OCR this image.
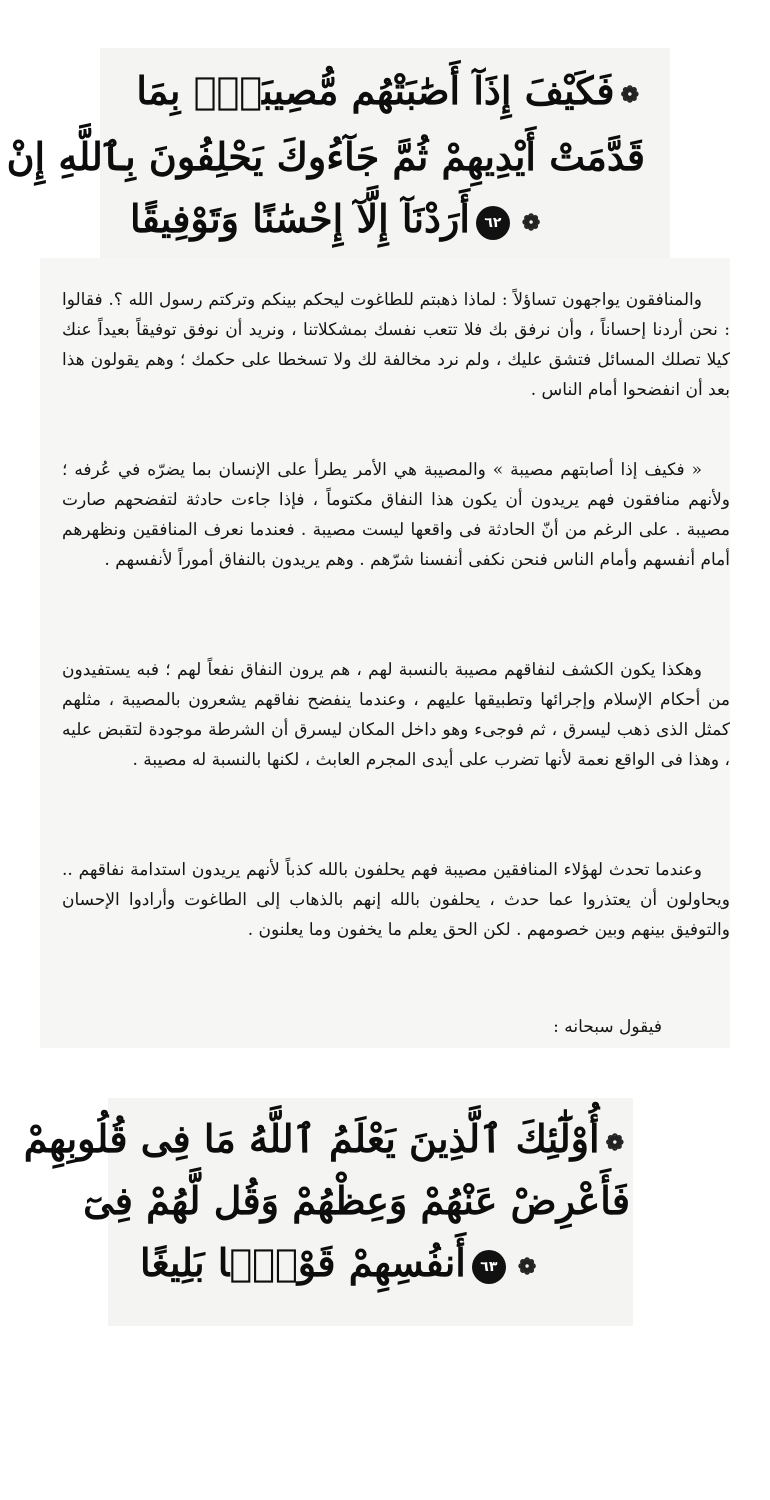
❁فَكَيْفَ إِذَآ أَصَٰبَتْهُم مُّصِيبَةُۢ بِمَا
قَدَّمَتْ أَيْدِيهِمْ ثُمَّ جَآءُوكَ يَحْلِفُونَ بِٱللَّهِ إِنْ
❁٦٢أَرَدْنَآ إِلَّآ إِحْسَٰنًا وَتَوْفِيقًا

والمنافقون يواجهون تساؤلاً : لماذا ذهبتم للطاغوت ليحكم بينكم وتركتم رسول الله ؟. فقالوا : نحن أردنا إحساناً ، وأن نرفق بك فلا تتعب نفسك بمشكلاتنا ، ونريد أن نوفق توفيقاً بعيداً عنك كيلا تصلك المسائل فتشق عليك ، ولم نرد مخالفة لك ولا تسخطا على حكمك ؛ وهم يقولون هذا بعد أن انفضحوا أمام الناس .

« فكيف إذا أصابتهم مصيبة » والمصيبة هي الأمر يطرأ على الإنسان بما يضرّه في عُرفه ؛ ولأنهم منافقون فهم يريدون أن يكون هذا النفاق مكتوماً ، فإذا جاءت حادثة لتفضحهم صارت مصيبة . على الرغم من أنّ الحادثة فى واقعها ليست مصيبة . فعندما نعرف المنافقين ونظهرهم أمام أنفسهم وأمام الناس فنحن نكفى أنفسنا شرّهم . وهم يريدون بالنفاق أموراً لأنفسهم .

وهكذا يكون الكشف لنفاقهم مصيبة بالنسبة لهم ، هم يرون النفاق نفعاً لهم ؛ فبه يستفيدون من أحكام الإسلام وإجرائها وتطبيقها عليهم ، وعندما ينفضح نفاقهم يشعرون بالمصيبة ، مثلهم كمثل الذى ذهب ليسرق ، ثم فوجىء وهو داخل المكان ليسرق أن الشرطة موجودة لتقبض عليه ، وهذا فى الواقع نعمة لأنها تضرب على أيدى المجرم العابث ، لكنها بالنسبة له مصيبة .

وعندما تحدث لهؤلاء المنافقين مصيبة فهم يحلفون بالله كذباً لأنهم يريدون استدامة نفاقهم .. ويحاولون أن يعتذروا عما حدث ، يحلفون بالله إنهم بالذهاب إلى الطاغوت وأرادوا الإحسان والتوفيق بينهم وبين خصومهم . لكن الحق يعلم ما يخفون وما يعلنون .

فيقول سبحانه :

❁أُوْلَٰٓئِكَ ٱلَّذِينَ يَعْلَمُ ٱللَّهُ مَا فِى قُلُوبِهِمْ
فَأَعْرِضْ عَنْهُمْ وَعِظْهُمْ وَقُل لَّهُمْ فِىٓ
❁٦٣أَنفُسِهِمْ قَوْلًۢا بَلِيغًا
